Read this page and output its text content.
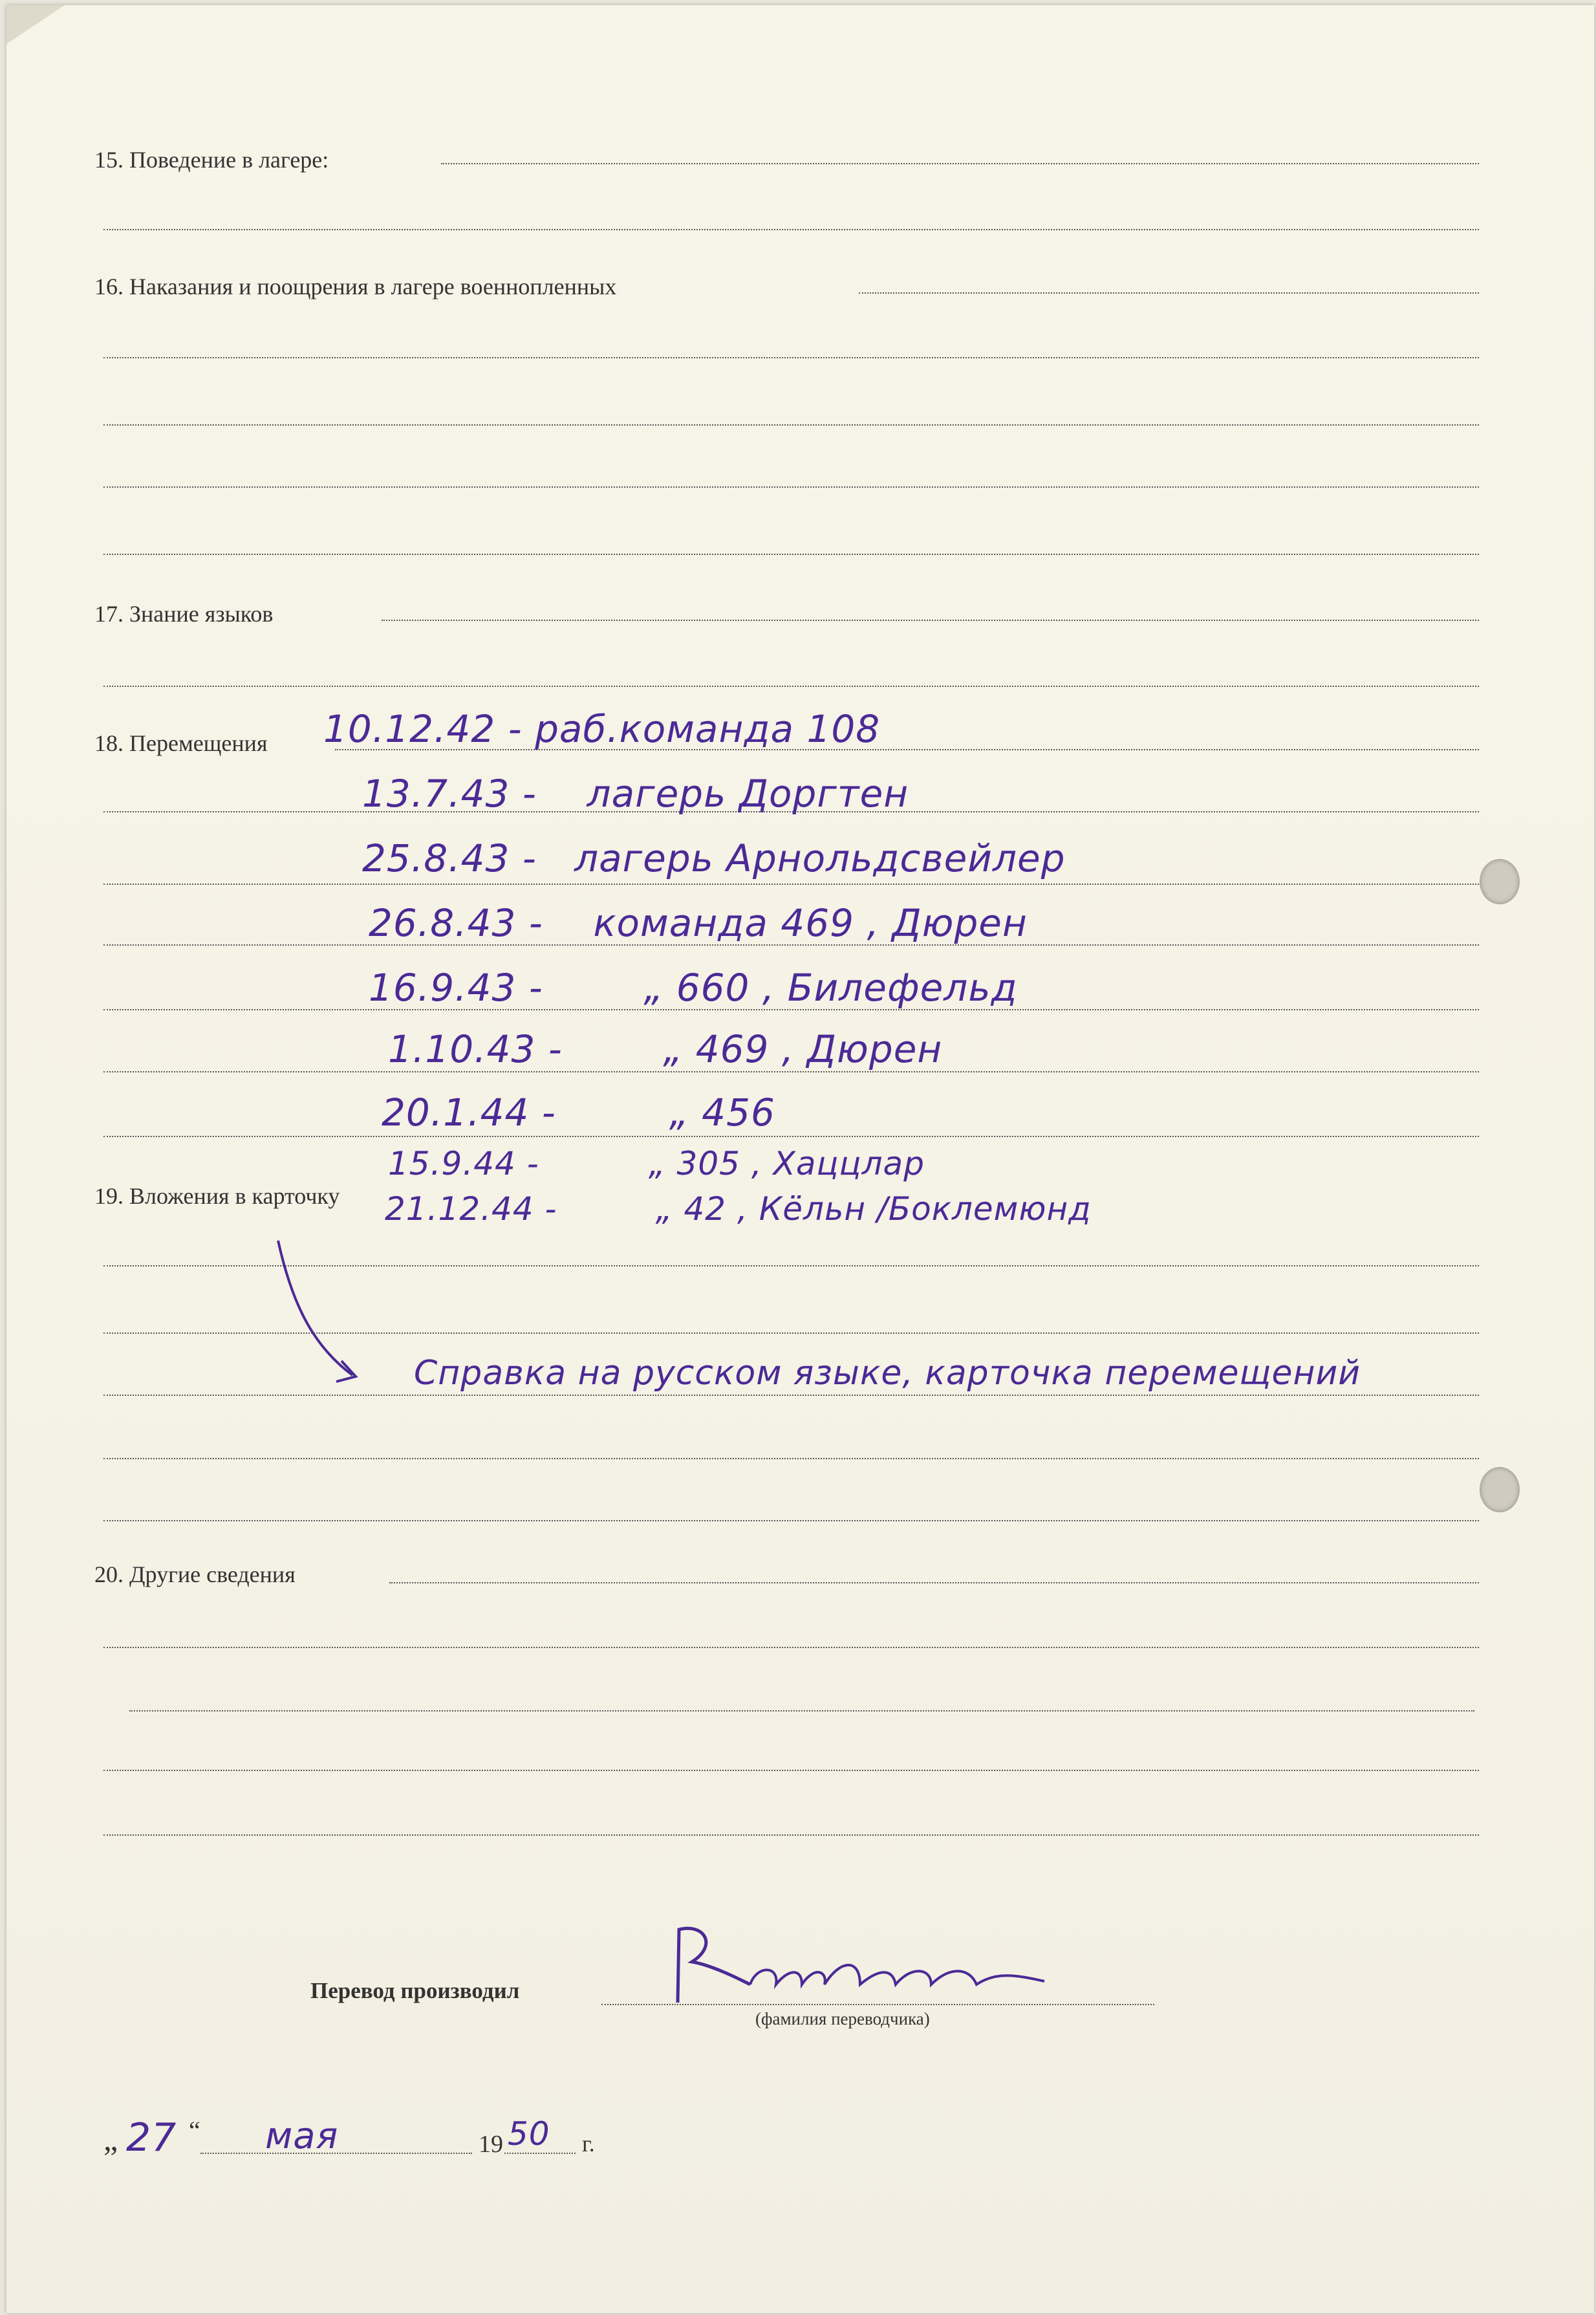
15. Поведение в лагере:
16. Наказания и поощрения в лагере военнопленных
17. Знание языков
18. Перемещения 10.12.42 - раб.команда 108
13.7.43 - лагерь Доргтен
25.8.43 - лагерь Арнольдсвейлер
26.8.43 - команда 469 , Дюрен
16.9.43 -	„ 660 , Билефельд
1.10.43 -	„ 469 , Дюрен
20.1.44 -	„ 456
15.9.44 -	„ 305 , Хаццлар
21.12.44 -	„ 42 , Кёльн /Боклемюнд
19. Вложения в карточку
Справка на русском языке, карточка перемещений
20. Другие сведения
Перевод производил
(фамилия переводчика)
„ 27 “ мая	19 50 г.
